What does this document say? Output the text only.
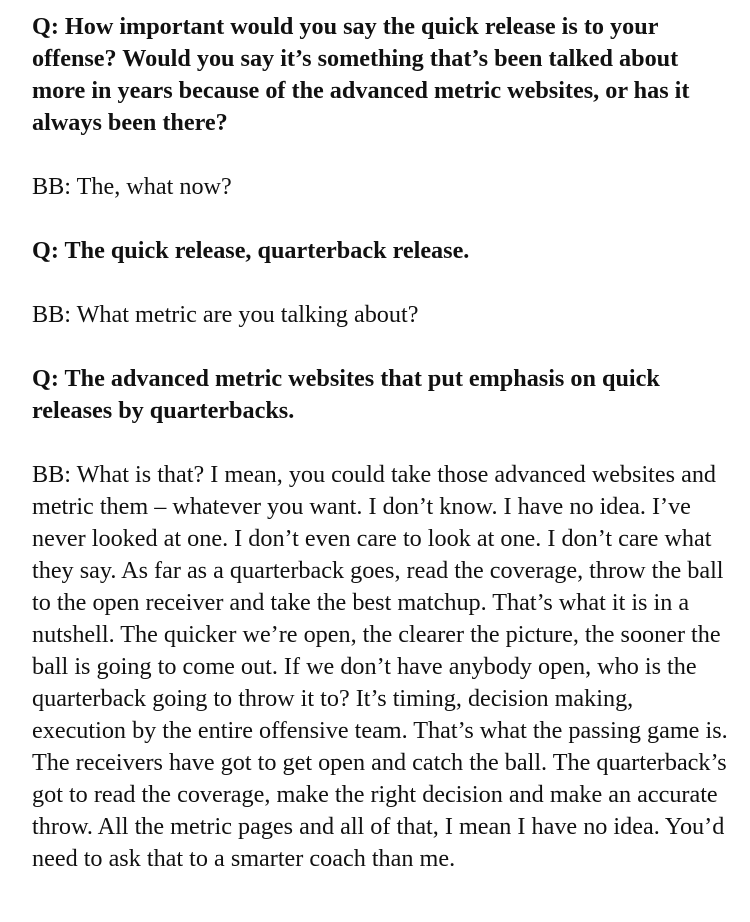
Q: How important would you say the quick release is to your offense? Would you say it’s something that’s been talked about more in years because of the advanced metric websites, or has it always been there?

BB: The, what now?

Q: The quick release, quarterback release.

BB: What metric are you talking about?

Q: The advanced metric websites that put emphasis on quick releases by quarterbacks.

BB: What is that? I mean, you could take those advanced websites and metric them – whatever you want. I don’t know. I have no idea. I’ve never looked at one. I don’t even care to look at one. I don’t care what they say. As far as a quarterback goes, read the coverage, throw the ball to the open receiver and take the best matchup. That’s what it is in a nutshell. The quicker we’re open, the clearer the picture, the sooner the ball is going to come out. If we don’t have anybody open, who is the quarterback going to throw it to? It’s timing, decision making, execution by the entire offensive team. That’s what the passing game is. The receivers have got to get open and catch the ball. The quarterback’s got to read the coverage, make the right decision and make an accurate throw. All the metric pages and all of that, I mean I have no idea. You’d need to ask that to a smarter coach than me.
